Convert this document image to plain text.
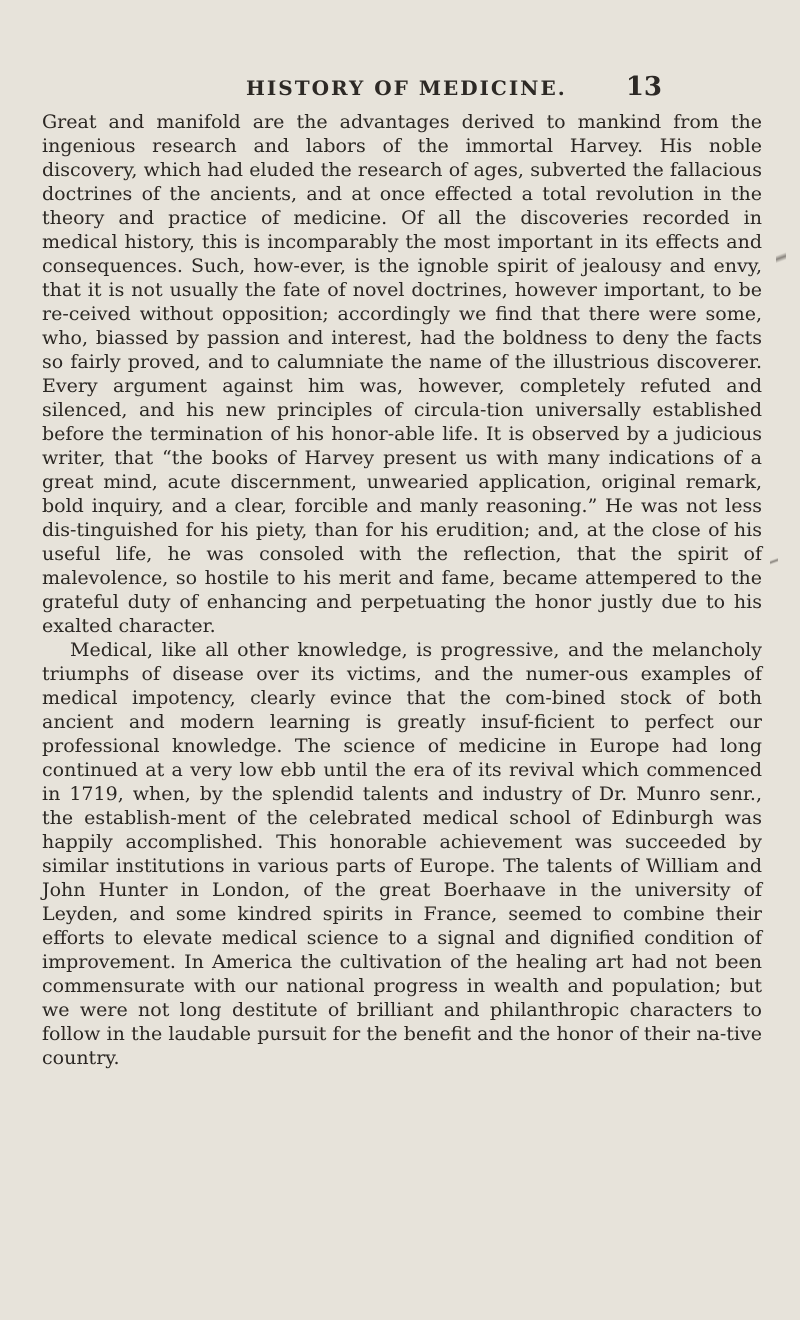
HISTORY OF MEDICINE. 13

Great and manifold are the advantages derived to mankind from the ingenious research and labors of the immortal Harvey. His noble discovery, which had eluded the research of ages, subverted the fallacious doctrines of the ancients, and at once effected a total revolution in the theory and practice of medicine. Of all the discoveries recorded in medical history, this is incomparably the most important in its effects and consequences. Such, how-ever, is the ignoble spirit of jealousy and envy, that it is not usually the fate of novel doctrines, however important, to be re-ceived without opposition; accordingly we find that there were some, who, biassed by passion and interest, had the boldness to deny the facts so fairly proved, and to calumniate the name of the illustrious discoverer. Every argument against him was, however, completely refuted and silenced, and his new principles of circula-tion universally established before the termination of his honor-able life. It is observed by a judicious writer, that “the books of Harvey present us with many indications of a great mind, acute discernment, unwearied application, original remark, bold inquiry, and a clear, forcible and manly reasoning.” He was not less dis-tinguished for his piety, than for his erudition; and, at the close of his useful life, he was consoled with the reflection, that the spirit of malevolence, so hostile to his merit and fame, became attempered to the grateful duty of enhancing and perpetuating the honor justly due to his exalted character.

Medical, like all other knowledge, is progressive, and the melancholy triumphs of disease over its victims, and the numer-ous examples of medical impotency, clearly evince that the com-bined stock of both ancient and modern learning is greatly insuf-ficient to perfect our professional knowledge. The science of medicine in Europe had long continued at a very low ebb until the era of its revival which commenced in 1719, when, by the splendid talents and industry of Dr. Munro senr., the establish-ment of the celebrated medical school of Edinburgh was happily accomplished. This honorable achievement was succeeded by similar institutions in various parts of Europe. The talents of William and John Hunter in London, of the great Boerhaave in the university of Leyden, and some kindred spirits in France, seemed to combine their efforts to elevate medical science to a signal and dignified condition of improvement. In America the cultivation of the healing art had not been commensurate with our national progress in wealth and population; but we were not long destitute of brilliant and philanthropic characters to follow in the laudable pursuit for the benefit and the honor of their na-tive country.
